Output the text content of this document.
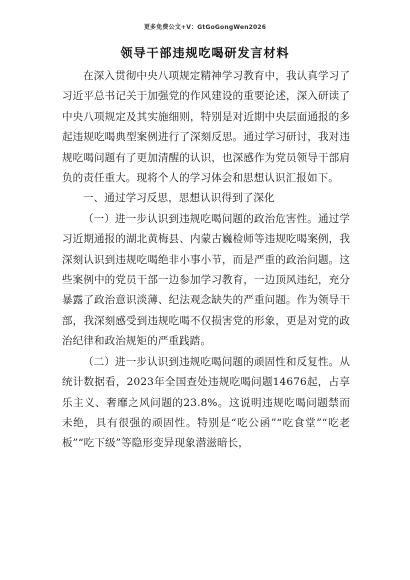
更多免费公文+V：GtGoGongWen2026
领导干部违规吃喝研发言材料

在深入贯彻中央八项规定精神学习教育中，我认真学习了习近平总书记关于加强党的作风建设的重要论述，深入研读了中央八项规定及其实施细则，特别是对近期中央层面通报的多起违规吃喝典型案例进行了深刻反思。通过学习研讨，我对违规吃喝问题有了更加清醒的认识，也深感作为党员领导干部肩负的责任重大。现将个人的学习体会和思想认识汇报如下。

一、通过学习反思，思想认识得到了深化

（一）进一步认识到违规吃喝问题的政治危害性。通过学习近期通报的湖北黄梅县、内蒙古巍检师等违规吃喝案例，我深刻认识到违规吃喝绝非小事小节，而是严重的政治问题。这些案例中的党员干部一边参加学习教育，一边顶风违纪，充分暴露了政治意识淡薄、纪法观念缺失的严重问题。作为领导干部，我深刻感受到违规吃喝不仅损害党的形象，更是对党的政治纪律和政治规矩的严重践踏。

（二）进一步认识到违规吃喝问题的顽固性和反复性。从统计数据看，2023年全国查处违规吃喝问题14676起，占享乐主义、奢靡之风问题的23.8%。这说明违规吃喝问题禁而未绝，具有很强的顽固性。特别是“吃公函”“吃食堂”“吃老板”“吃下级”等隐形变异现象潜滋暗长，
